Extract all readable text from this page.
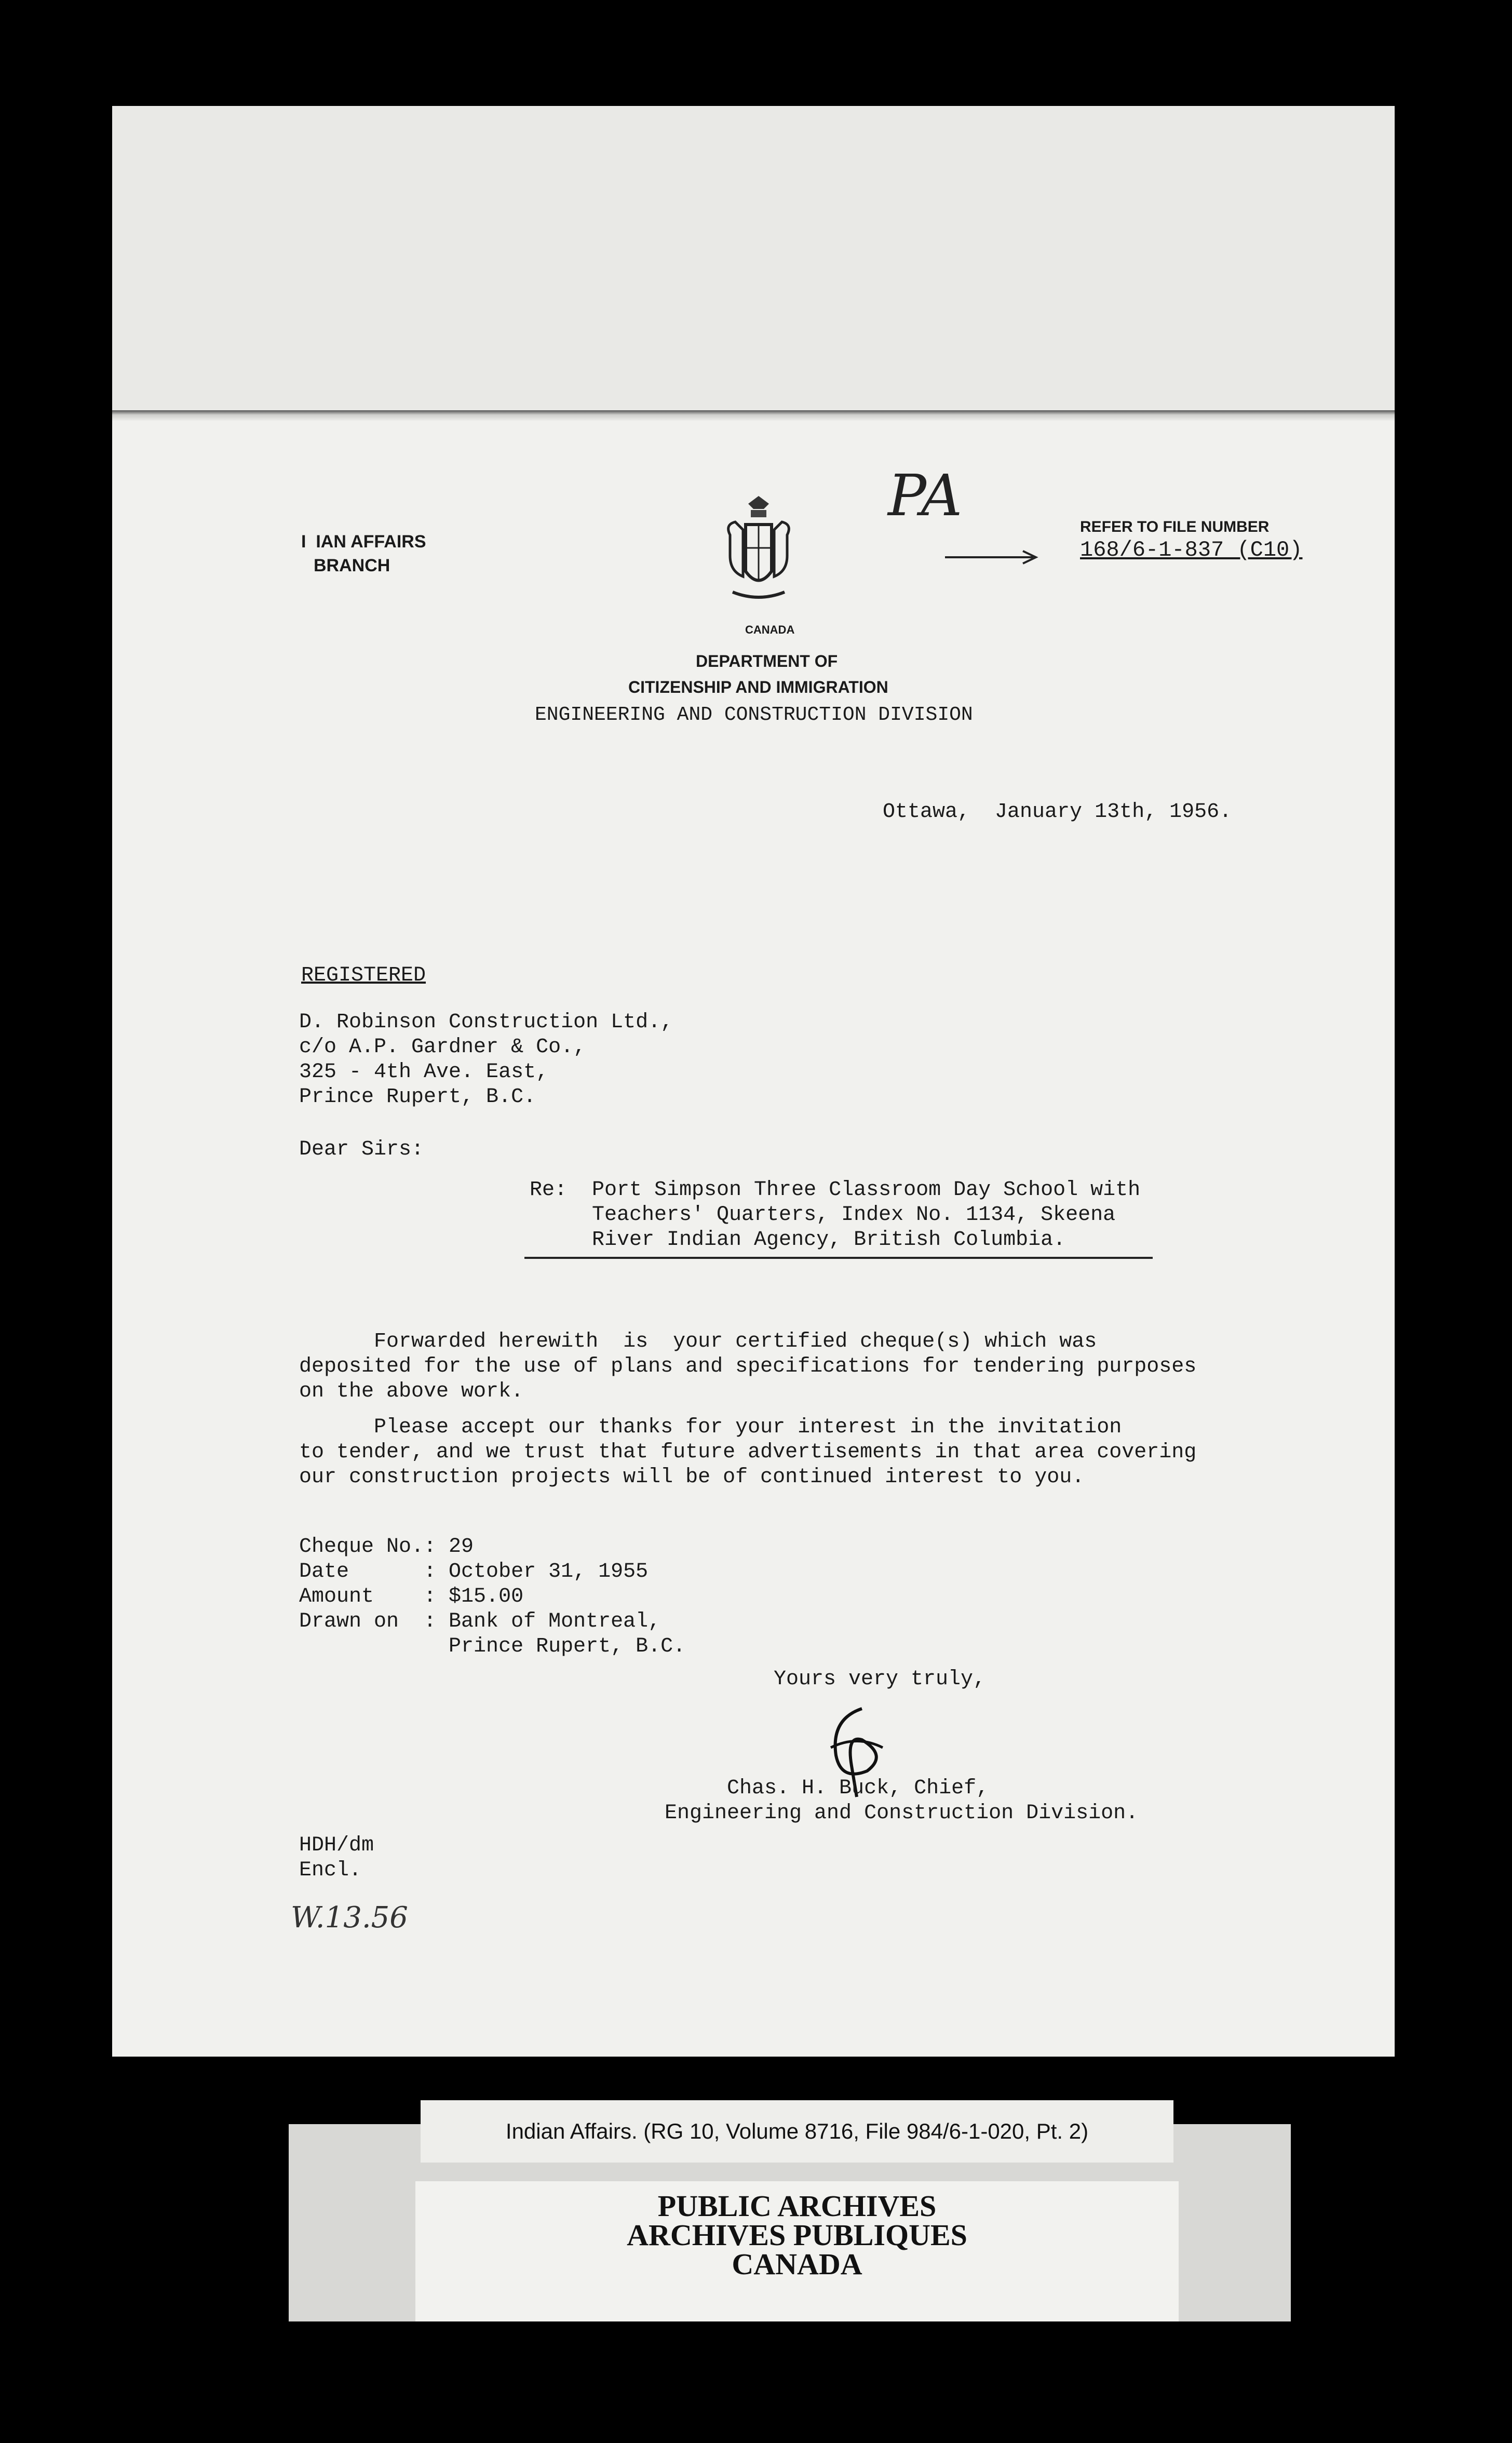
I  IAN AFFAIRS
BRANCH
CANADA
DEPARTMENT OF
CITIZENSHIP AND IMMIGRATION
ENGINEERING AND CONSTRUCTION DIVISION
PA	REFER TO FILE NUMBER
168/6-1-837 (C10)
Ottawa,  January 13th, 1956.
REGISTERED
D. Robinson Construction Ltd.,
c/o A.P. Gardner & Co.,
325 - 4th Ave. East,
Prince Rupert, B.C.
Dear Sirs:
Re: Port Simpson Three Classroom Day School with
Teachers' Quarters, Index No. 1134, Skeena
River Indian Agency, British Columbia.
Forwarded herewith  is  your certified cheque(s) which was
deposited for the use of plans and specifications for tendering purposes
on the above work.
Please accept our thanks for your interest in the invitation
to tender, and we trust that future advertisements in that area covering
our construction projects will be of continued interest to you.
Cheque No.: 29
Date      : October 31, 1955
Amount    : $15.00
Drawn on  : Bank of Montreal,
Prince Rupert, B.C.
Yours very truly,
Chas. H. Buck, Chief,
Engineering and Construction Division.
HDH/dm
Encl.
W.13.56
Indian Affairs. (RG 10, Volume 8716, File 984/6-1-020, Pt. 2)
PUBLIC ARCHIVES
ARCHIVES PUBLIQUES
CANADA
